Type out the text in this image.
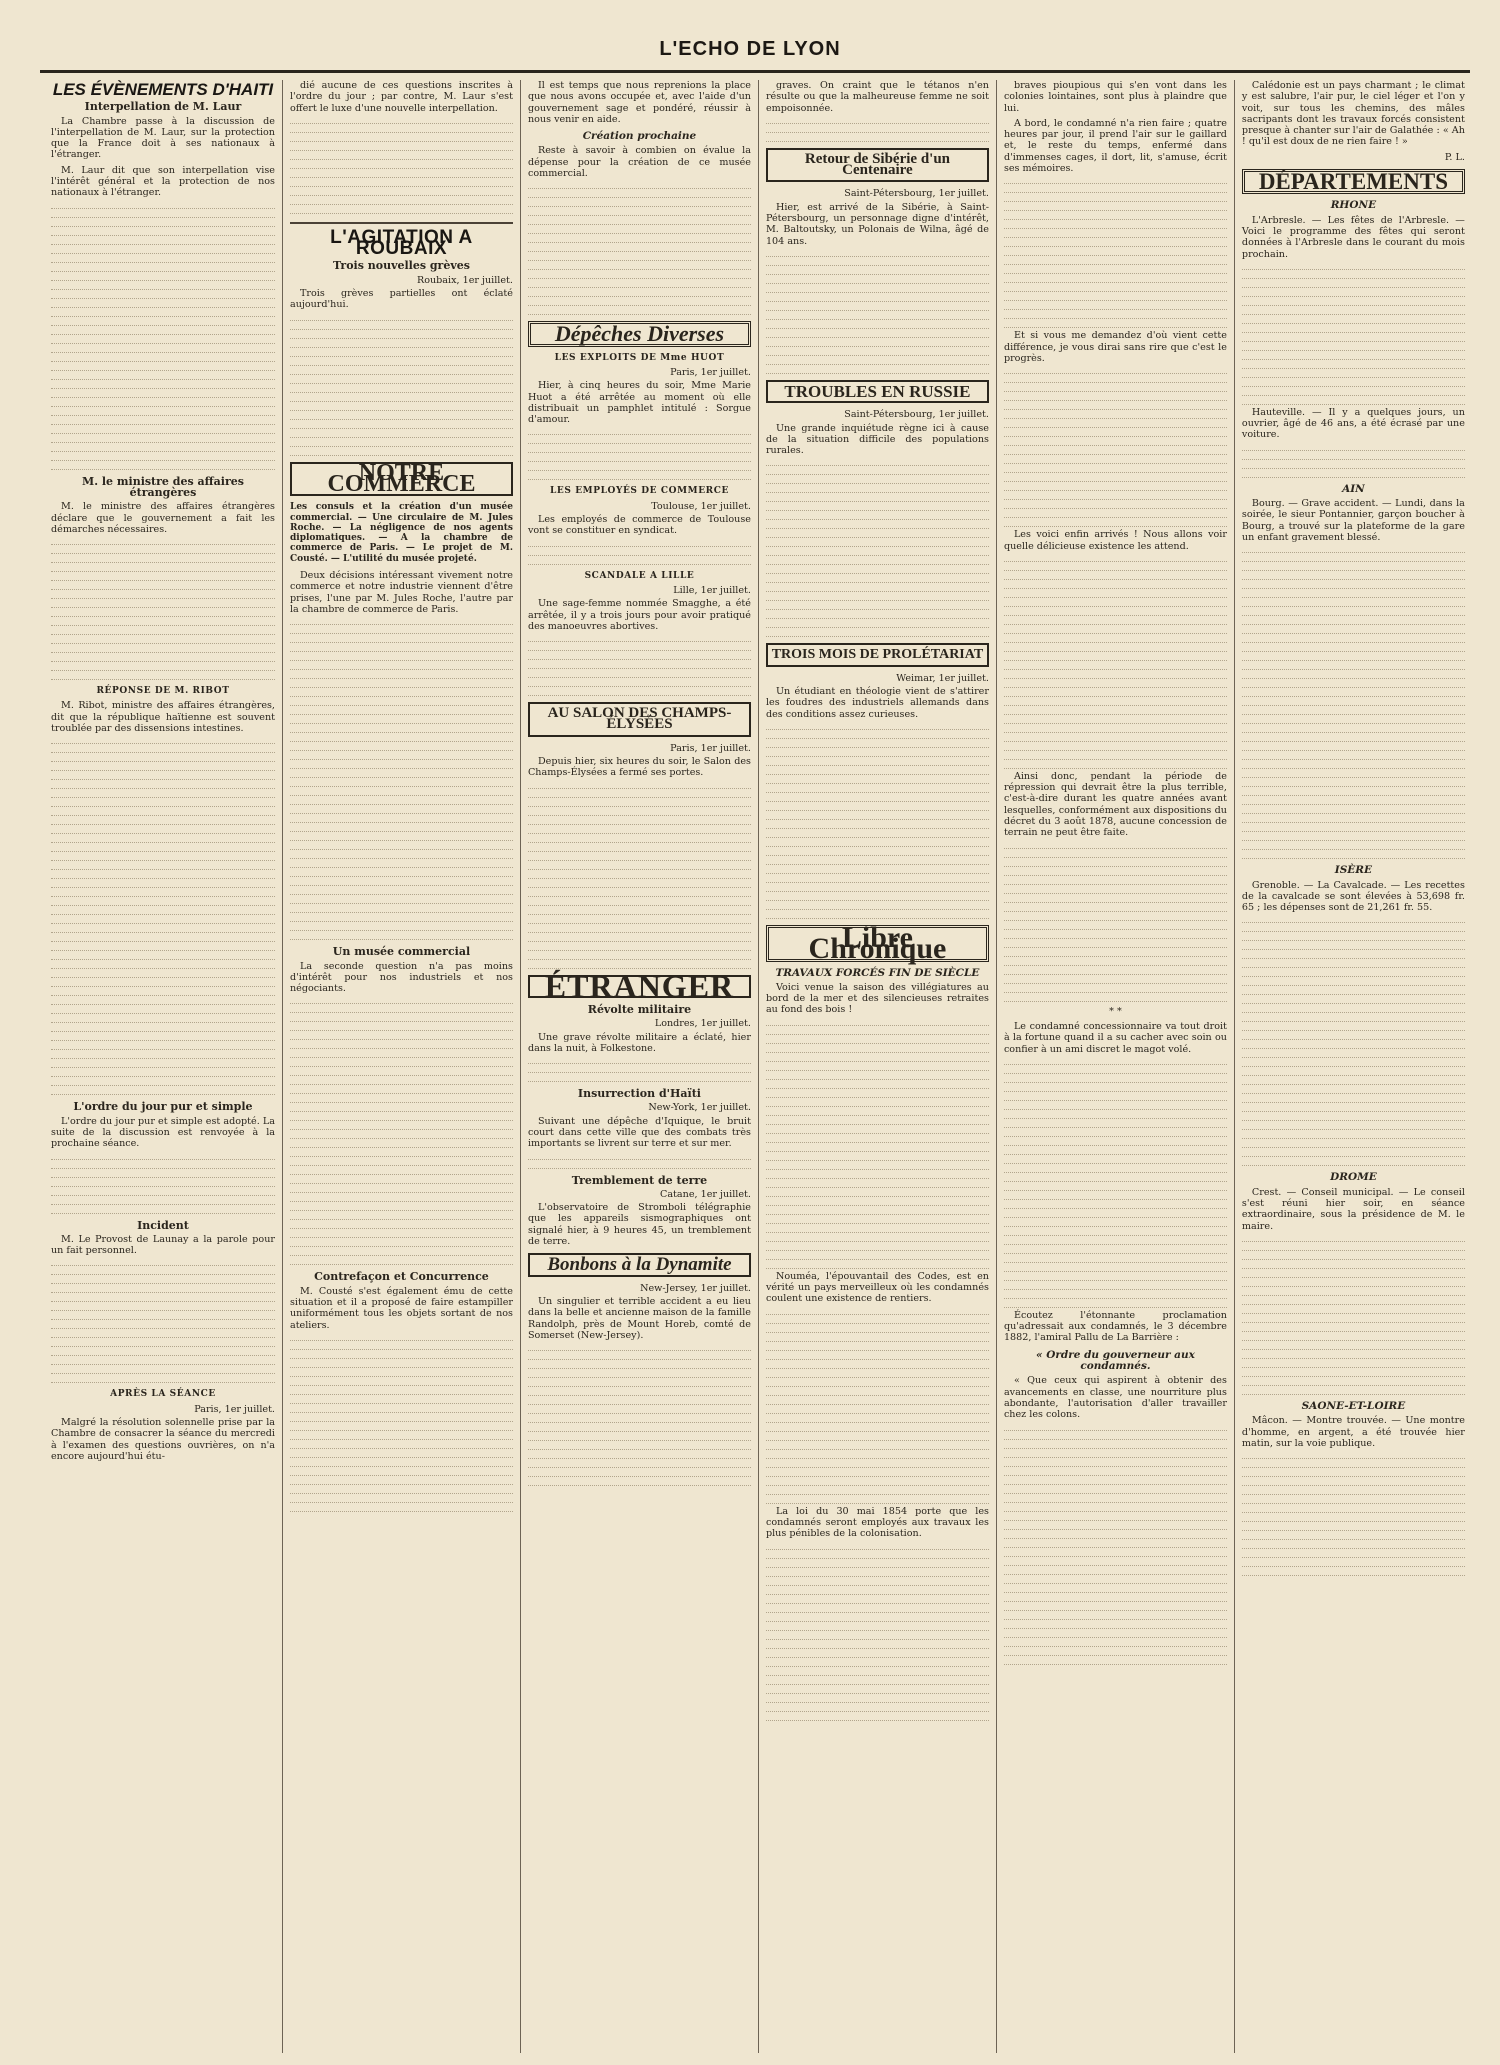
L'ECHO DE LYON
LES ÉVÈNEMENTS D'HAITI
Interpellation de M. Laur

La Chambre passe à la discussion de l'interpellation de M. Laur, sur la protection que la France doit à ses nationaux à l'étranger.

M. Laur dit que son interpellation vise l'intérêt général et la protection de nos nationaux à l'étranger.

M. le ministre des affaires étrangères

M. le ministre des affaires étrangères déclare que le gouvernement a fait les démarches nécessaires.

RÉPONSE DE M. RIBOT

M. Ribot, ministre des affaires étrangères, dit que la république haïtienne est souvent troublée par des dissensions intestines.

L'ordre du jour pur et simple

L'ordre du jour pur et simple est adopté. La suite de la discussion est renvoyée à la prochaine séance.

Incident

M. Le Provost de Launay a la parole pour un fait personnel.

APRÈS LA SÉANCE
Paris, 1er juillet.

Malgré la résolution solennelle prise par la Chambre de consacrer la séance du mercredi à l'examen des questions ouvrières, on n'a encore aujourd'hui étu-

dié aucune de ces questions inscrites à l'ordre du jour ; par contre, M. Laur s'est offert le luxe d'une nouvelle interpellation.

L'AGITATION A ROUBAIX
Trois nouvelles grèves
Roubaix, 1er juillet.

Trois grèves partielles ont éclaté aujourd'hui.

NOTRE COMMERCE
Les consuls et la création d'un musée commercial. — Une circulaire de M. Jules Roche. — La négligence de nos agents diplomatiques. — A la chambre de commerce de Paris. — Le projet de M. Cousté. — L'utilité du musée projeté.

Deux décisions intéressant vivement notre commerce et notre industrie viennent d'être prises, l'une par M. Jules Roche, l'autre par la chambre de commerce de Paris.

Un musée commercial

La seconde question n'a pas moins d'intérêt pour nos industriels et nos négociants.

Contrefaçon et Concurrence

M. Cousté s'est également ému de cette situation et il a proposé de faire estampiller uniformément tous les objets sortant de nos ateliers.

Il est temps que nous reprenions la place que nous avons occupée et, avec l'aide d'un gouvernement sage et pondéré, réussir à nous venir en aide.

Création prochaine

Reste à savoir à combien on évalue la dépense pour la création de ce musée commercial.

Dépêches Diverses
LES EXPLOITS DE Mme HUOT
Paris, 1er juillet.

Hier, à cinq heures du soir, Mme Marie Huot a été arrêtée au moment où elle distribuait un pamphlet intitulé : Sorgue d'amour.

LES EMPLOYÉS DE COMMERCE
Toulouse, 1er juillet.

Les employés de commerce de Toulouse vont se constituer en syndicat.

SCANDALE A LILLE
Lille, 1er juillet.

Une sage-femme nommée Smagghe, a été arrêtée, il y a trois jours pour avoir pratiqué des manoeuvres abortives.

AU SALON DES CHAMPS-ÉLYSÉES
Paris, 1er juillet.

Depuis hier, six heures du soir, le Salon des Champs-Élysées a fermé ses portes.

ÉTRANGER
Révolte militaire
Londres, 1er juillet.

Une grave révolte militaire a éclaté, hier dans la nuit, à Folkestone.

Insurrection d'Haïti
New-York, 1er juillet.

Suivant une dépêche d'Iquique, le bruit court dans cette ville que des combats très importants se livrent sur terre et sur mer.

Tremblement de terre
Catane, 1er juillet.

L'observatoire de Stromboli télégraphie que les appareils sismographiques ont signalé hier, à 9 heures 45, un tremblement de terre.

Bonbons à la Dynamite
New-Jersey, 1er juillet.

Un singulier et terrible accident a eu lieu dans la belle et ancienne maison de la famille Randolph, près de Mount Horeb, comté de Somerset (New-Jersey).

graves. On craint que le tétanos n'en résulte ou que la malheureuse femme ne soit empoisonnée.

Retour de Sibérie d'un Centenaire
Saint-Pétersbourg, 1er juillet.

Hier, est arrivé de la Sibérie, à Saint-Pétersbourg, un personnage digne d'intérêt, M. Baltoutsky, un Polonais de Wilna, âgé de 104 ans.

TROUBLES EN RUSSIE
Saint-Pétersbourg, 1er juillet.

Une grande inquiétude règne ici à cause de la situation difficile des populations rurales.

TROIS MOIS DE PROLÉTARIAT
Weimar, 1er juillet.

Un étudiant en théologie vient de s'attirer les foudres des industriels allemands dans des conditions assez curieuses.

Libre Chronique
TRAVAUX FORCÉS FIN DE SIÈCLE

Voici venue la saison des villégiatures au bord de la mer et des silencieuses retraites au fond des bois !

Nouméa, l'épouvantail des Codes, est en vérité un pays merveilleux où les condamnés coulent une existence de rentiers.

La loi du 30 mai 1854 porte que les condamnés seront employés aux travaux les plus pénibles de la colonisation.

braves pioupious qui s'en vont dans les colonies lointaines, sont plus à plaindre que lui.

A bord, le condamné n'a rien faire ; quatre heures par jour, il prend l'air sur le gaillard et, le reste du temps, enfermé dans d'immenses cages, il dort, lit, s'amuse, écrit ses mémoires.

Et si vous me demandez d'où vient cette différence, je vous dirai sans rire que c'est le progrès.

Les voici enfin arrivés ! Nous allons voir quelle délicieuse existence les attend.

Ainsi donc, pendant la période de répression qui devrait être la plus terrible, c'est-à-dire durant les quatre années avant lesquelles, conformément aux dispositions du décret du 3 août 1878, aucune concession de terrain ne peut être faite.

* *

Le condamné concessionnaire va tout droit à la fortune quand il a su cacher avec soin ou confier à un ami discret le magot volé.

Écoutez l'étonnante proclamation qu'adressait aux condamnés, le 3 décembre 1882, l'amiral Pallu de La Barrière :

« Ordre du gouverneur aux condamnés.

« Que ceux qui aspirent à obtenir des avancements en classe, une nourriture plus abondante, l'autorisation d'aller travailler chez les colons.

Calédonie est un pays charmant ; le climat y est salubre, l'air pur, le ciel léger et l'on y voit, sur tous les chemins, des mâles sacripants dont les travaux forcés consistent presque à chanter sur l'air de Galathée : « Ah ! qu'il est doux de ne rien faire ! »

P. L.
DÉPARTEMENTS
RHONE

L'Arbresle. — Les fêtes de l'Arbresle. — Voici le programme des fêtes qui seront données à l'Arbresle dans le courant du mois prochain.

Hauteville. — Il y a quelques jours, un ouvrier, âgé de 46 ans, a été écrasé par une voiture.

AIN

Bourg. — Grave accident. — Lundi, dans la soirée, le sieur Pontannier, garçon boucher à Bourg, a trouvé sur la plateforme de la gare un enfant gravement blessé.

ISÈRE

Grenoble. — La Cavalcade. — Les recettes de la cavalcade se sont élevées à 53,698 fr. 65 ; les dépenses sont de 21,261 fr. 55.

DROME

Crest. — Conseil municipal. — Le conseil s'est réuni hier soir, en séance extraordinaire, sous la présidence de M. le maire.

SAONE-ET-LOIRE

Mâcon. — Montre trouvée. — Une montre d'homme, en argent, a été trouvée hier matin, sur la voie publique.
